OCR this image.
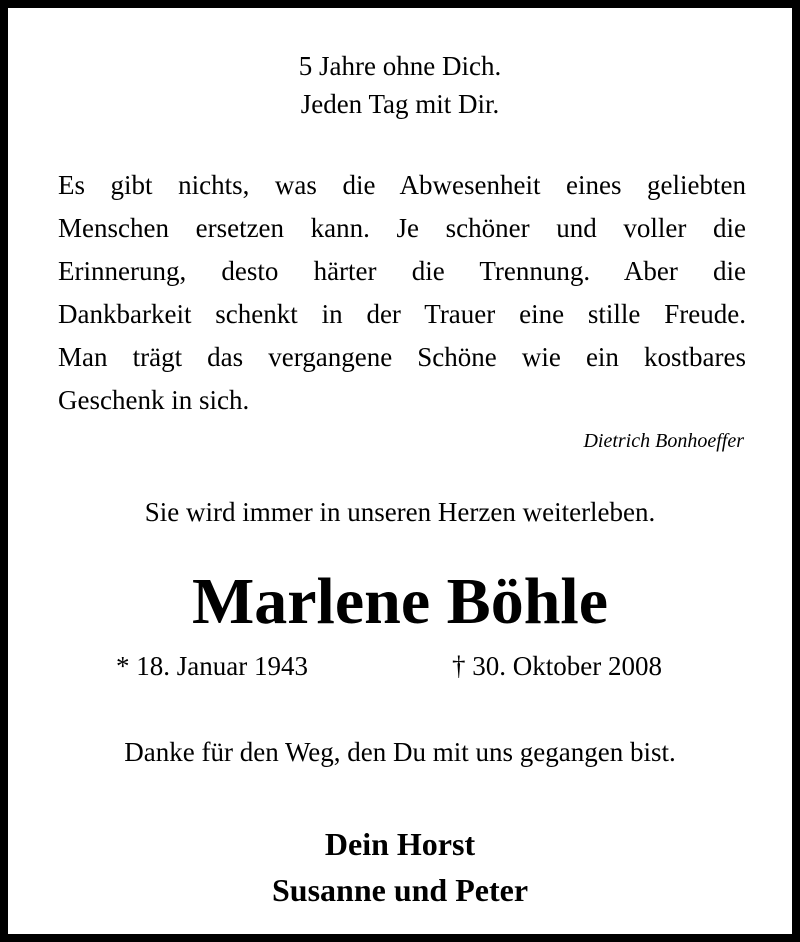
5 Jahre ohne Dich.
Jeden Tag mit Dir.
Es gibt nichts, was die Abwesenheit eines geliebten
Menschen ersetzen kann. Je schöner und voller die
Erinnerung, desto härter die Trennung. Aber die
Dankbarkeit schenkt in der Trauer eine stille Freude.
Man trägt das vergangene Schöne wie ein kostbares
Geschenk in sich.
Dietrich Bonhoeffer
Sie wird immer in unseren Herzen weiterleben.
Marlene Böhle
* 18. Januar 1943	† 30. Oktober 2008
Danke für den Weg, den Du mit uns gegangen bist.
Dein Horst
Susanne und Peter
